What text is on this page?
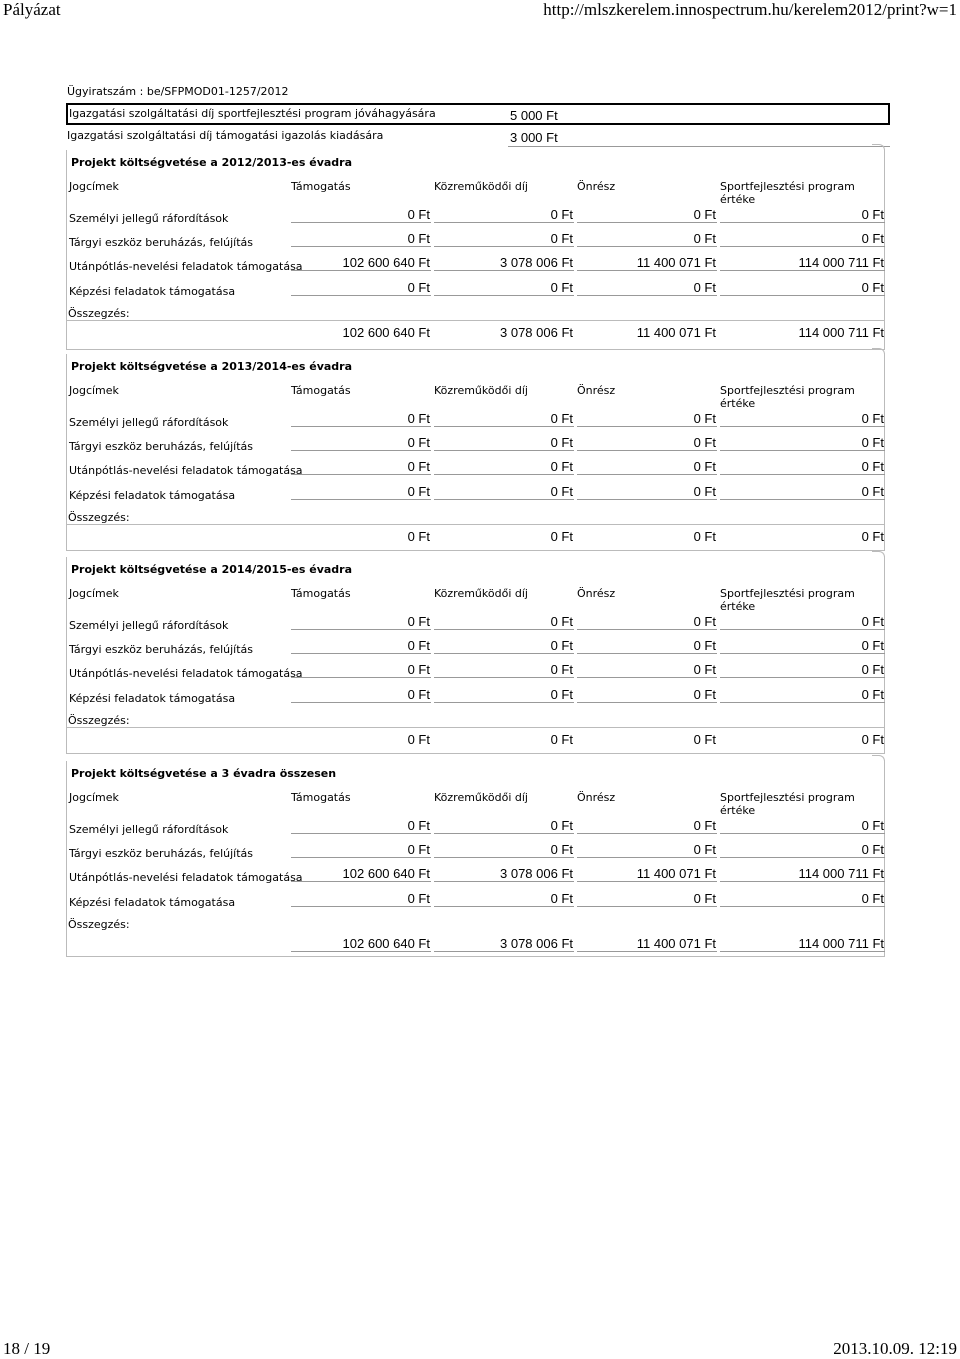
Pályázat	http://mlszkerelem.innospectrum.hu/kerelem2012/print?w=1
Ügyiratszám : be/SFPMOD01-1257/2012
Igazgatási szolgáltatási díj sportfejlesztési program jóváhagyására	5 000 Ft
Igazgatási szolgáltatási díj támogatási igazolás kiadására	3 000 Ft
Projekt költségvetése a 2012/2013-es évadra
Jogcímek	Támogatás	Közreműködői díj	Önrész	Sportfejlesztési program értéke
Személyi jellegű ráfordítások	0 Ft	0 Ft	0 Ft	0 Ft
Tárgyi eszköz beruházás, felújítás	0 Ft	0 Ft	0 Ft	0 Ft
Utánpótlás-nevelési feladatok támogatása	102 600 640 Ft	3 078 006 Ft	11 400 071 Ft	114 000 711 Ft
Képzési feladatok támogatása	0 Ft	0 Ft	0 Ft	0 Ft
Összegzés:
102 600 640 Ft	3 078 006 Ft	11 400 071 Ft	114 000 711 Ft
Projekt költségvetése a 2013/2014-es évadra
Jogcímek	Támogatás	Közreműködői díj	Önrész	Sportfejlesztési program értéke
Személyi jellegű ráfordítások	0 Ft	0 Ft	0 Ft	0 Ft
Tárgyi eszköz beruházás, felújítás	0 Ft	0 Ft	0 Ft	0 Ft
Utánpótlás-nevelési feladatok támogatása	0 Ft	0 Ft	0 Ft	0 Ft
Képzési feladatok támogatása	0 Ft	0 Ft	0 Ft	0 Ft
Összegzés:
0 Ft	0 Ft	0 Ft	0 Ft
Projekt költségvetése a 2014/2015-es évadra
Jogcímek	Támogatás	Közreműködői díj	Önrész	Sportfejlesztési program értéke
Személyi jellegű ráfordítások	0 Ft	0 Ft	0 Ft	0 Ft
Tárgyi eszköz beruházás, felújítás	0 Ft	0 Ft	0 Ft	0 Ft
Utánpótlás-nevelési feladatok támogatása	0 Ft	0 Ft	0 Ft	0 Ft
Képzési feladatok támogatása	0 Ft	0 Ft	0 Ft	0 Ft
Összegzés:
0 Ft	0 Ft	0 Ft	0 Ft
Projekt költségvetése a 3 évadra összesen
Jogcímek	Támogatás	Közreműködői díj	Önrész	Sportfejlesztési program értéke
Személyi jellegű ráfordítások	0 Ft	0 Ft	0 Ft	0 Ft
Tárgyi eszköz beruházás, felújítás	0 Ft	0 Ft	0 Ft	0 Ft
Utánpótlás-nevelési feladatok támogatása	102 600 640 Ft	3 078 006 Ft	11 400 071 Ft	114 000 711 Ft
Képzési feladatok támogatása	0 Ft	0 Ft	0 Ft	0 Ft
Összegzés:
102 600 640 Ft	3 078 006 Ft	11 400 071 Ft	114 000 711 Ft
18 / 19	2013.10.09. 12:19
